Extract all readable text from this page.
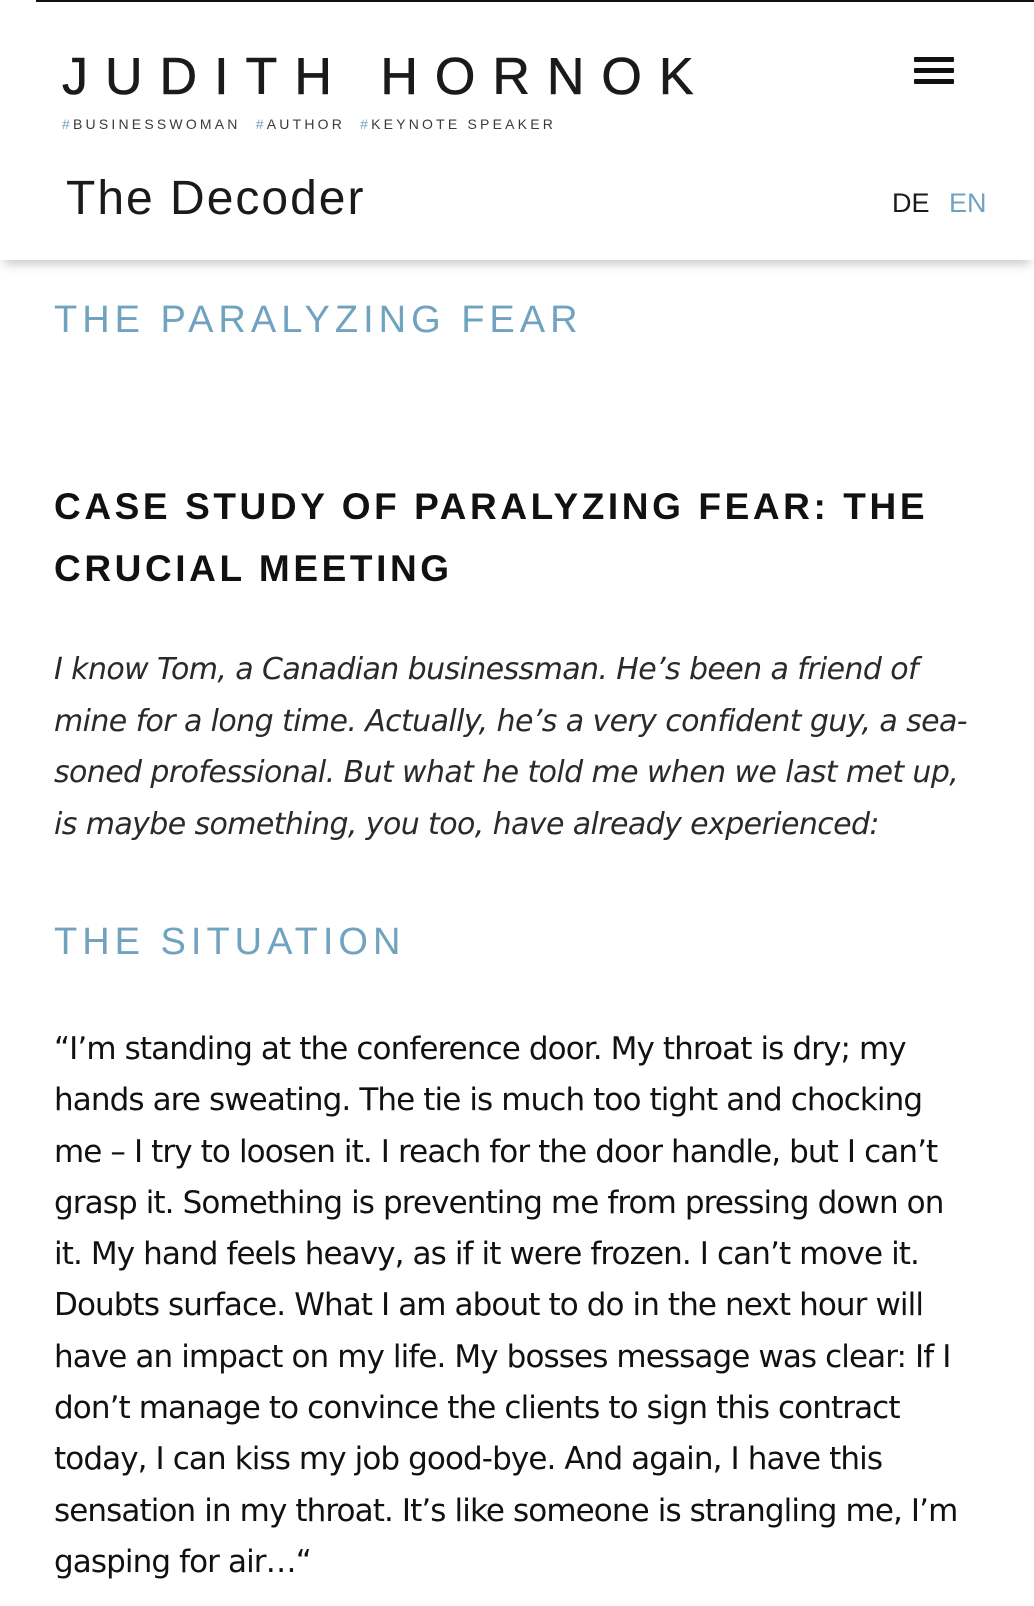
JUDITH HORNOK
#BUSINESSWOMAN #AUTHOR #KEYNOTE SPEAKER
The Decoder	DE EN
THE PARALYZING FEAR
CASE STUDY OF PARALYZING FEAR: THE CRUCIAL MEETING

I know Tom, a Canadian businessman. He’s been a friend of mine for a long time. Actually, he’s a very confident guy, a seasoned professional. But what he told me when we last met up, is maybe something, you too, have already experienced:

THE SITUATION

“I’m standing at the conference door. My throat is dry; my hands are sweating. The tie is much too tight and chocking me – I try to loosen it. I reach for the door handle, but I can’t grasp it. Something is preventing me from pressing down on it. My hand feels heavy, as if it were frozen. I can’t move it. Doubts surface. What I am about to do in the next hour will have an impact on my life. My bosses message was clear: If I don’t manage to convince the clients to sign this contract today, I can kiss my job good-bye. And again, I have this sensation in my throat. It’s like someone is strangling me, I’m gasping for air…“
